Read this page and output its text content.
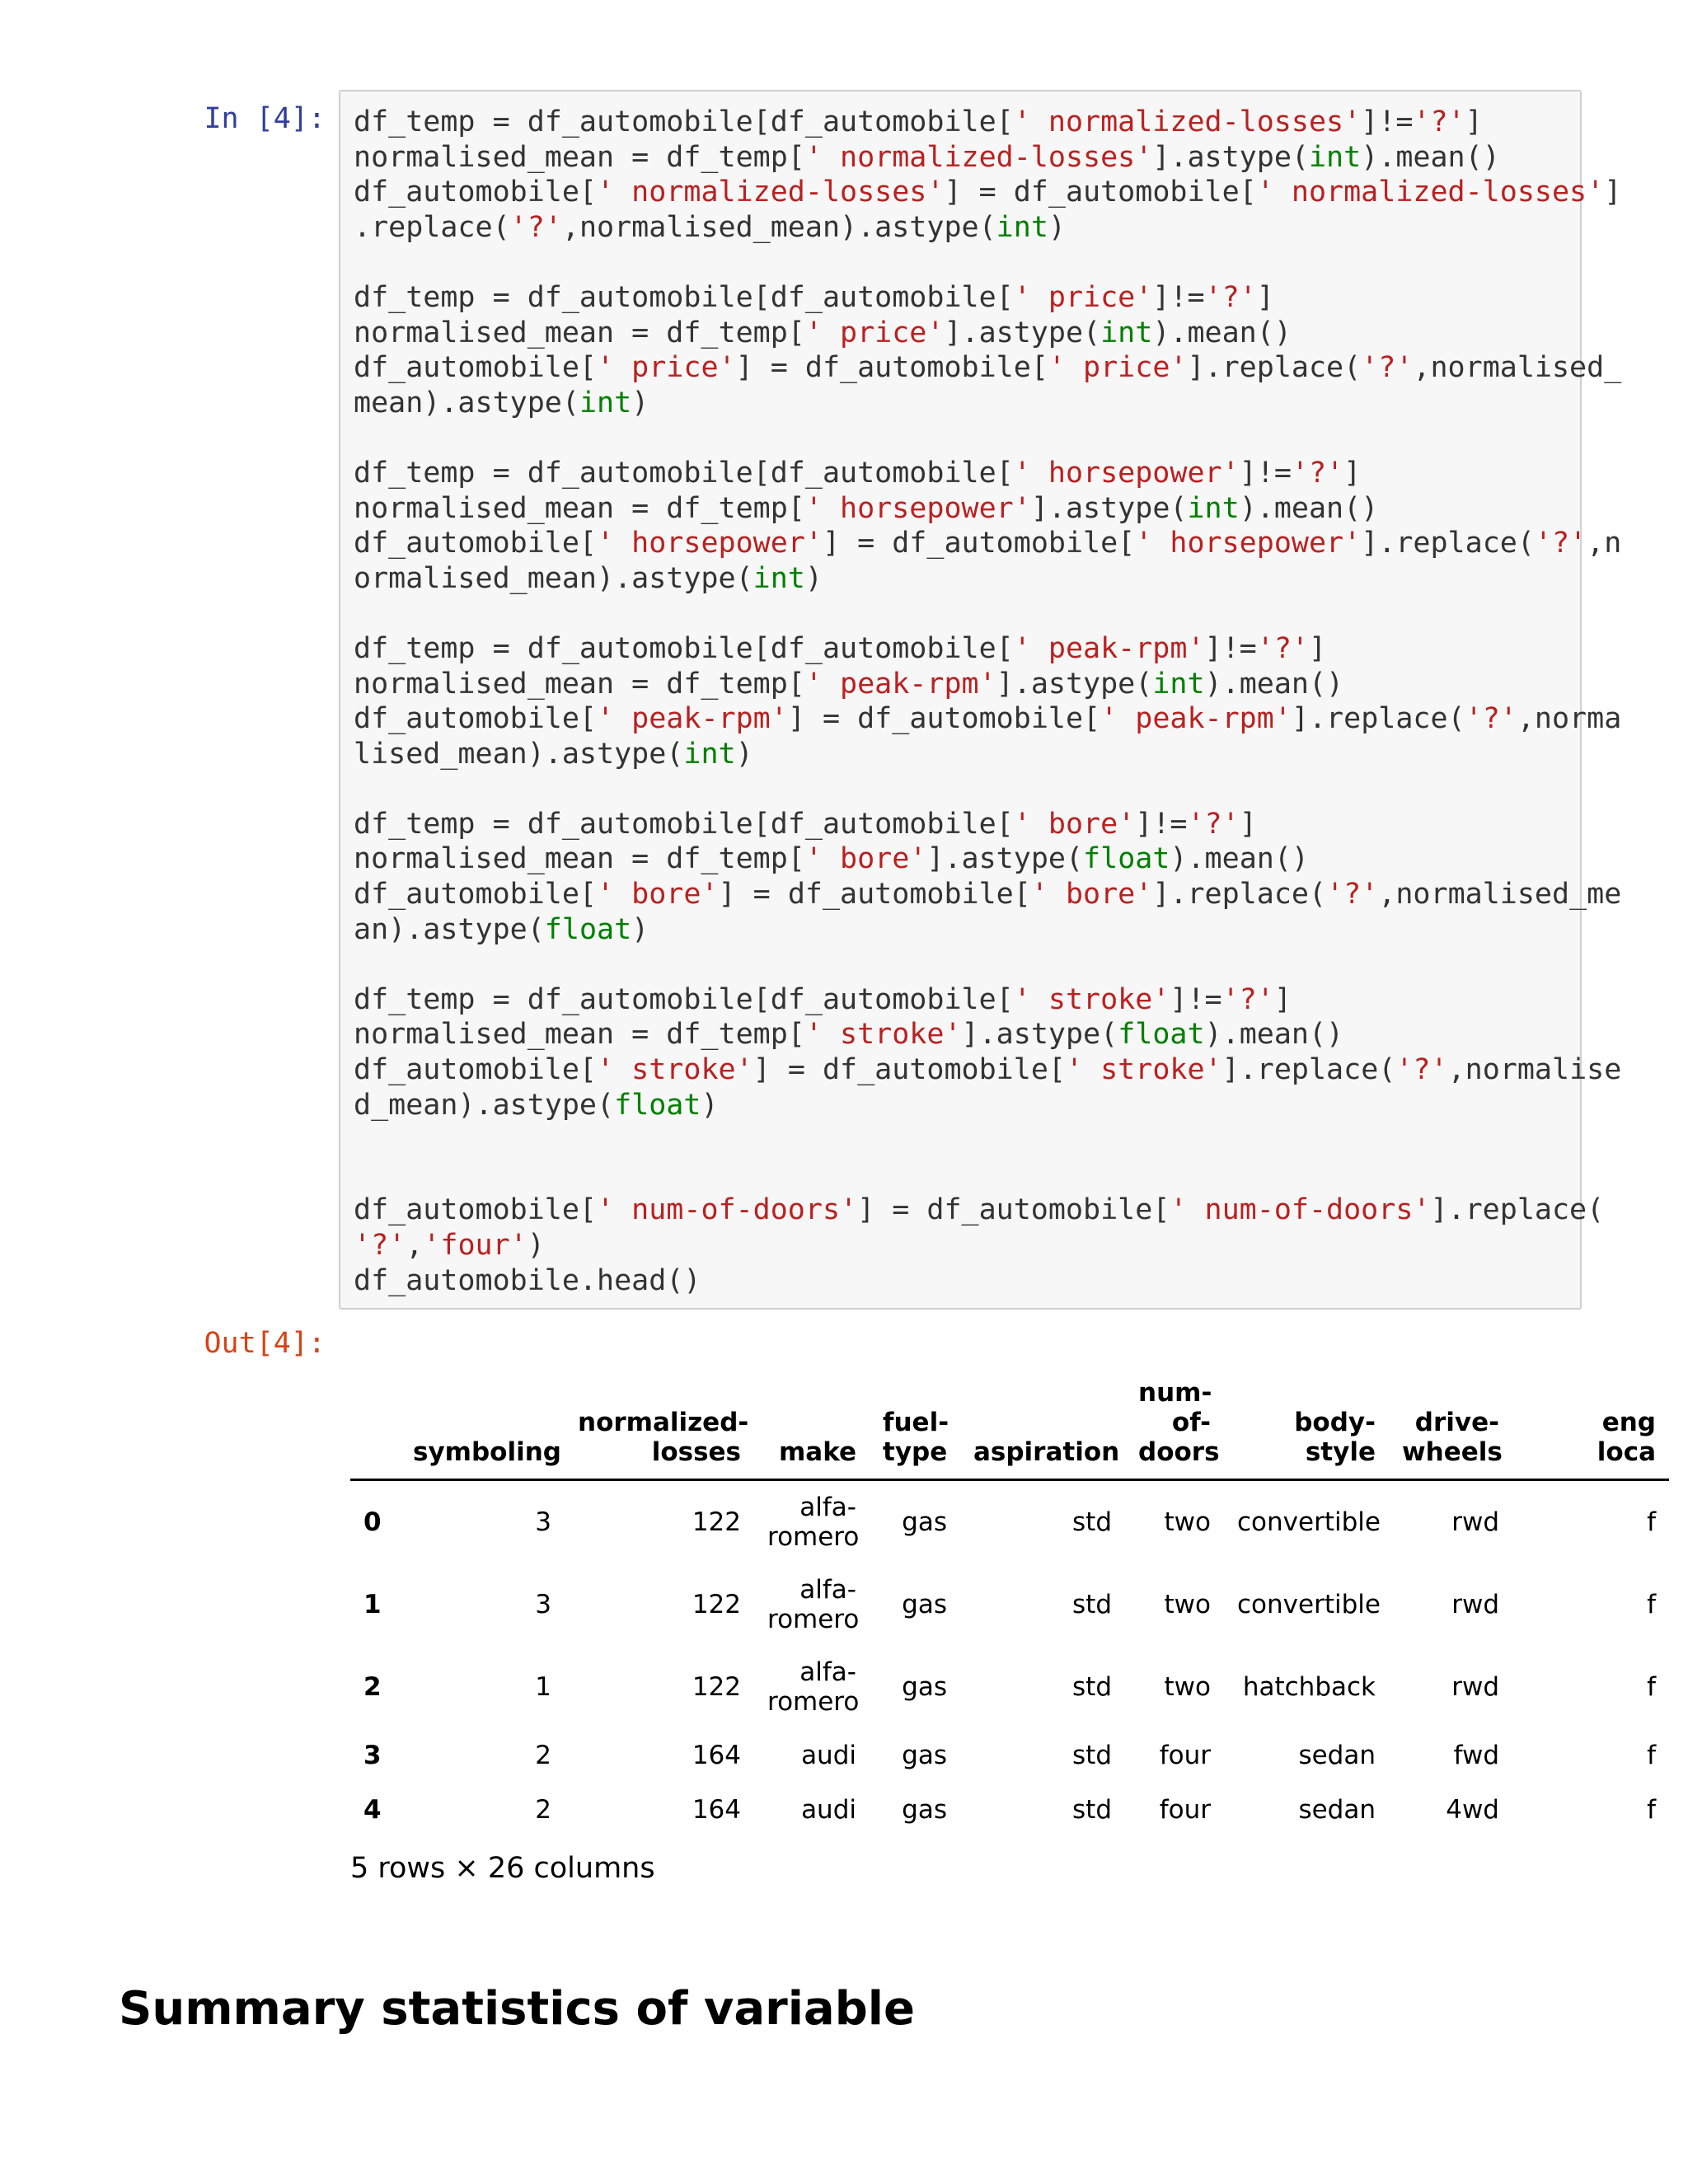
In [4]: df_temp = df_automobile[df_automobile[' normalized-losses']!='?']
normalised_mean = df_temp[' normalized-losses'].astype(int).mean()
df_automobile[' normalized-losses'] = df_automobile[' normalized-losses']
.replace('?',normalised_mean).astype(int)

df_temp = df_automobile[df_automobile[' price']!='?']
normalised_mean = df_temp[' price'].astype(int).mean()
df_automobile[' price'] = df_automobile[' price'].replace('?',normalised_
mean).astype(int)

df_temp = df_automobile[df_automobile[' horsepower']!='?']
normalised_mean = df_temp[' horsepower'].astype(int).mean()
df_automobile[' horsepower'] = df_automobile[' horsepower'].replace('?',n
ormalised_mean).astype(int)

df_temp = df_automobile[df_automobile[' peak-rpm']!='?']
normalised_mean = df_temp[' peak-rpm'].astype(int).mean()
df_automobile[' peak-rpm'] = df_automobile[' peak-rpm'].replace('?',norma
lised_mean).astype(int)

df_temp = df_automobile[df_automobile[' bore']!='?']
normalised_mean = df_temp[' bore'].astype(float).mean()
df_automobile[' bore'] = df_automobile[' bore'].replace('?',normalised_me
an).astype(float)

df_temp = df_automobile[df_automobile[' stroke']!='?']
normalised_mean = df_temp[' stroke'].astype(float).mean()
df_automobile[' stroke'] = df_automobile[' stroke'].replace('?',normalise
d_mean).astype(float)

df_automobile[' num-of-doors'] = df_automobile[' num-of-doors'].replace(
'?','four')
df_automobile.head()
Out[4]:
	symboling	normalized-
losses	make	fuel-
type	aspiration	num-
of-
doors	body-
style	drive-
wheels	eng
loca
0	3	122	alfa-
romero	gas	std	two	convertible	rwd	f
1	3	122	alfa-
romero	gas	std	two	convertible	rwd	f
2	1	122	alfa-
romero	gas	std	two	hatchback	rwd	f
3	2	164	audi	gas	std	four	sedan	fwd	f
4	2	164	audi	gas	std	four	sedan	4wd	f
5 rows × 26 columns
Summary statistics of variable
